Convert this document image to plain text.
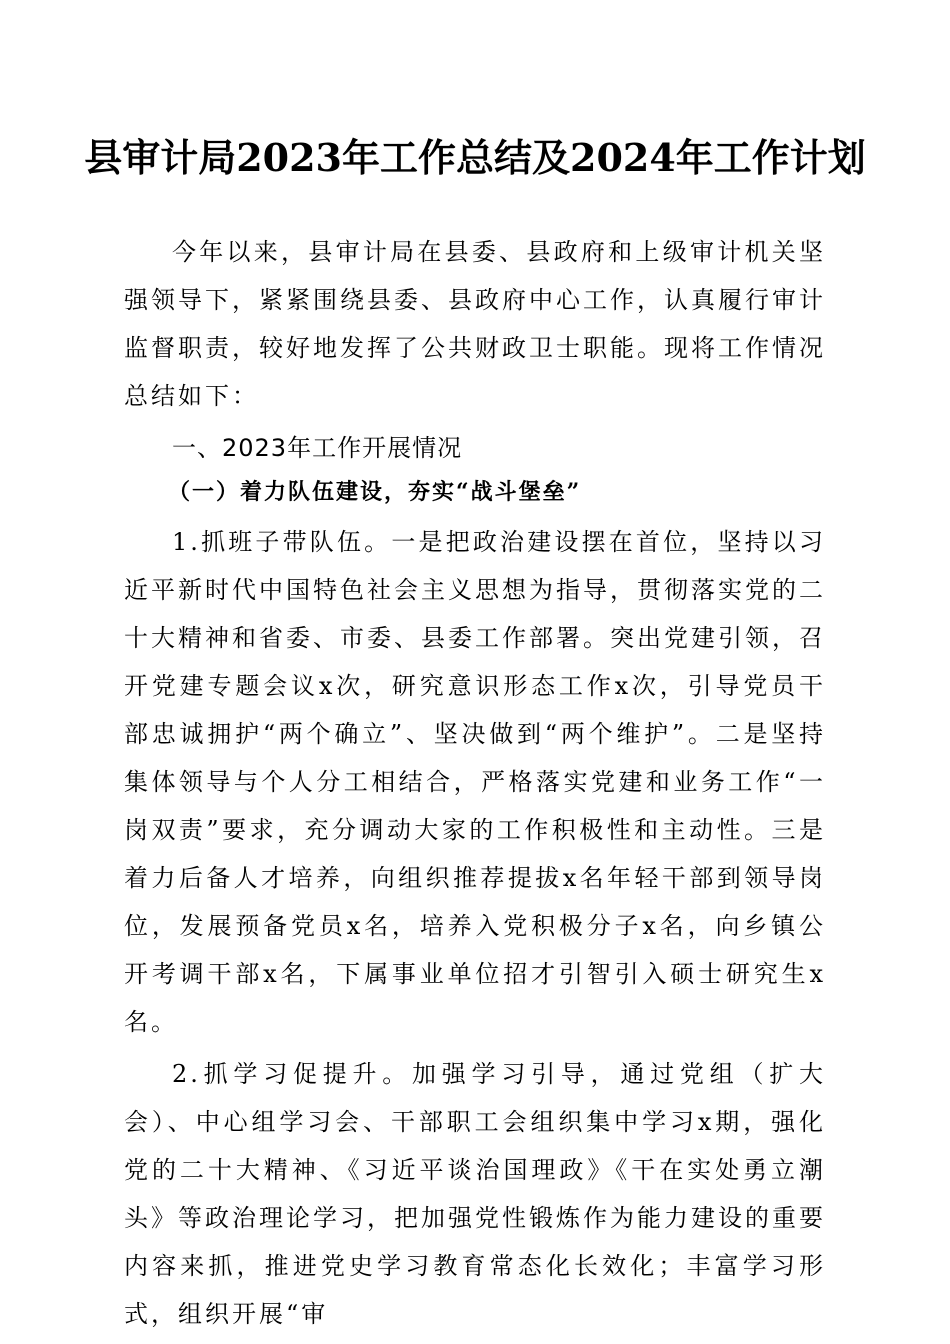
县审计局2023年工作总结及2024年工作计划

今年以来，县审计局在县委、县政府和上级审计机关坚强领导下，紧紧围绕县委、县政府中心工作，认真履行审计监督职责，较好地发挥了公共财政卫士职能。现将工作情况总结如下：

一、2023年工作开展情况

（一）着力队伍建设，夯实“战斗堡垒”

1.抓班子带队伍。一是把政治建设摆在首位，坚持以习近平新时代中国特色社会主义思想为指导，贯彻落实党的二十大精神和省委、市委、县委工作部署。突出党建引领，召开党建专题会议x次，研究意识形态工作x次，引导党员干部忠诚拥护“两个确立”、坚决做到“两个维护”。二是坚持集体领导与个人分工相结合，严格落实党建和业务工作“一岗双责”要求，充分调动大家的工作积极性和主动性。三是着力后备人才培养，向组织推荐提拔x名年轻干部到领导岗位，发展预备党员x名，培养入党积极分子x名，向乡镇公开考调干部x名，下属事业单位招才引智引入硕士研究生x名。

2.抓学习促提升。加强学习引导，通过党组（扩大会）、中心组学习会、干部职工会组织集中学习x期，强化党的二十大精神、《习近平谈治国理政》《干在实处勇立潮头》等政治理论学习，把加强党性锻炼作为能力建设的重要内容来抓，推进党史学习教育常态化长效化；丰富学习形式，组织开展“审
